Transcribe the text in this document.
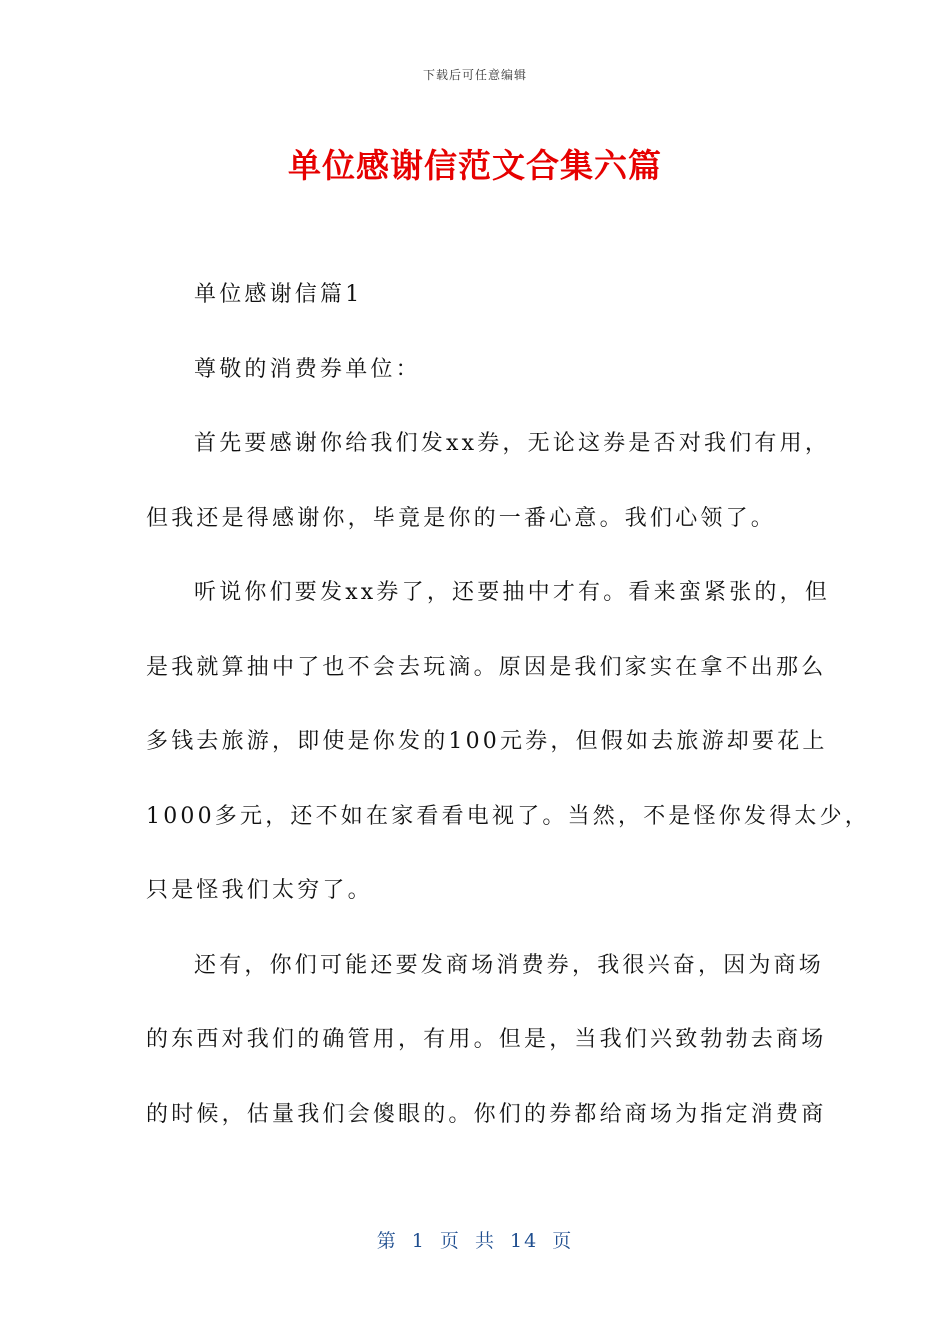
下载后可任意编辑
单位感谢信范文合集六篇

单位感谢信篇1

尊敬的消费券单位：

首先要感谢你给我们发xx券，无论这券是否对我们有用，

但我还是得感谢你，毕竟是你的一番心意。我们心领了。

听说你们要发xx券了，还要抽中才有。看来蛮紧张的，但

是我就算抽中了也不会去玩滴。原因是我们家实在拿不出那么

多钱去旅游，即使是你发的100元券，但假如去旅游却要花上

1000多元，还不如在家看看电视了。当然，不是怪你发得太少，

只是怪我们太穷了。

还有，你们可能还要发商场消费券，我很兴奋，因为商场

的东西对我们的确管用，有用。但是，当我们兴致勃勃去商场

的时候，估量我们会傻眼的。你们的券都给商场为指定消费商

第 1 页 共 14 页
